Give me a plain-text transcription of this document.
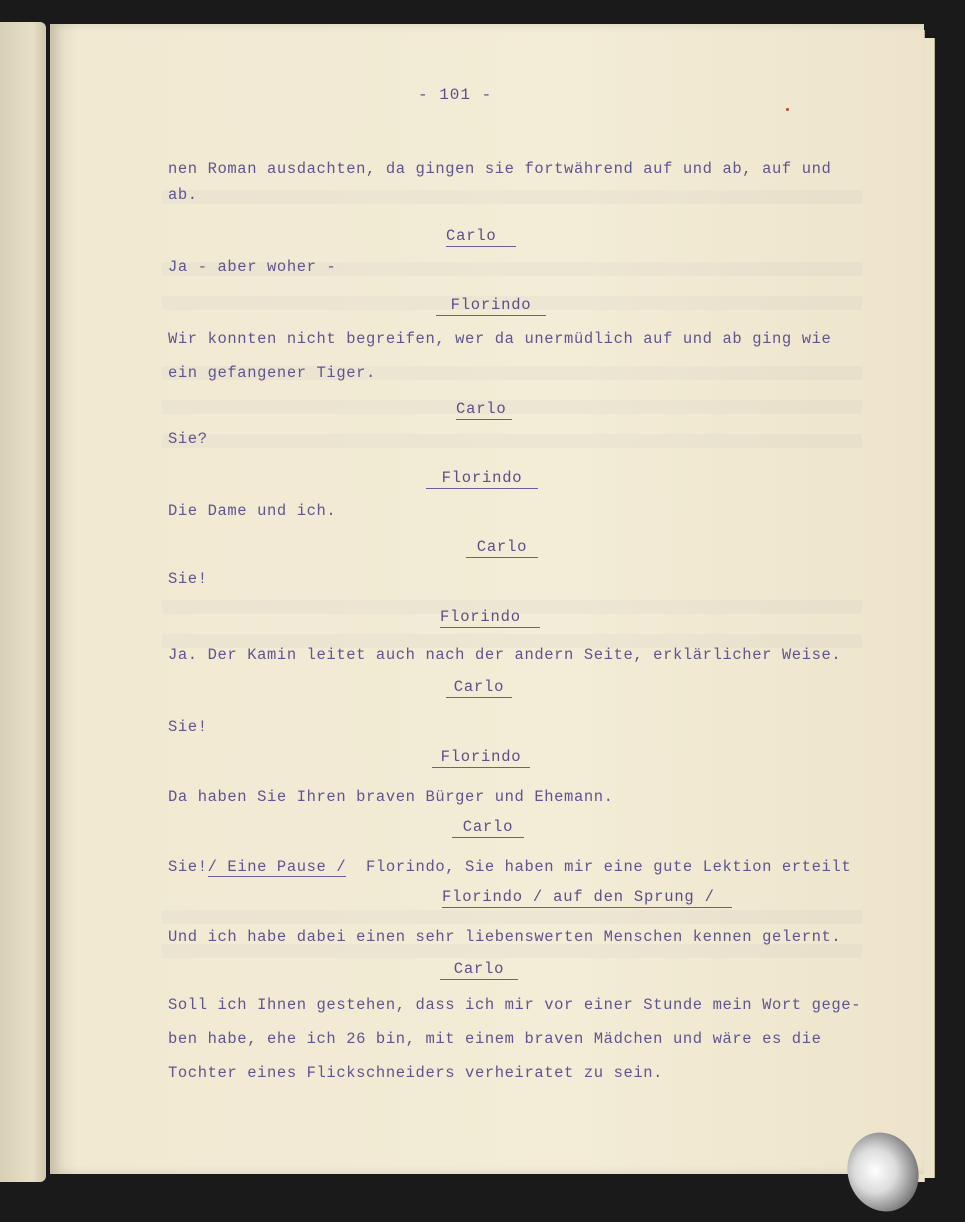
- 101 -
nen Roman ausdachten, da gingen sie fortwährend auf und ab, auf und
ab.
Carlo
Ja - aber woher -
Florindo
Wir konnten nicht begreifen, wer da unermüdlich auf und ab ging wie
ein gefangener Tiger.
Carlo
Sie?
Florindo
Die Dame und ich.
Carlo
Sie!
Florindo
Ja. Der Kamin leitet auch nach der andern Seite, erklärlicher Weise.
Carlo
Sie!
Florindo
Da haben Sie Ihren braven Bürger und Ehemann.
Carlo
Sie!/ Eine Pause / Florindo, Sie haben mir eine gute Lektion erteilt
Florindo / auf den Sprung /
Und ich habe dabei einen sehr liebenswerten Menschen kennen gelernt.
Carlo
Soll ich Ihnen gestehen, dass ich mir vor einer Stunde mein Wort gege-
ben habe, ehe ich 26 bin, mit einem braven Mädchen und wäre es die
Tochter eines Flickschneiders verheiratet zu sein.
